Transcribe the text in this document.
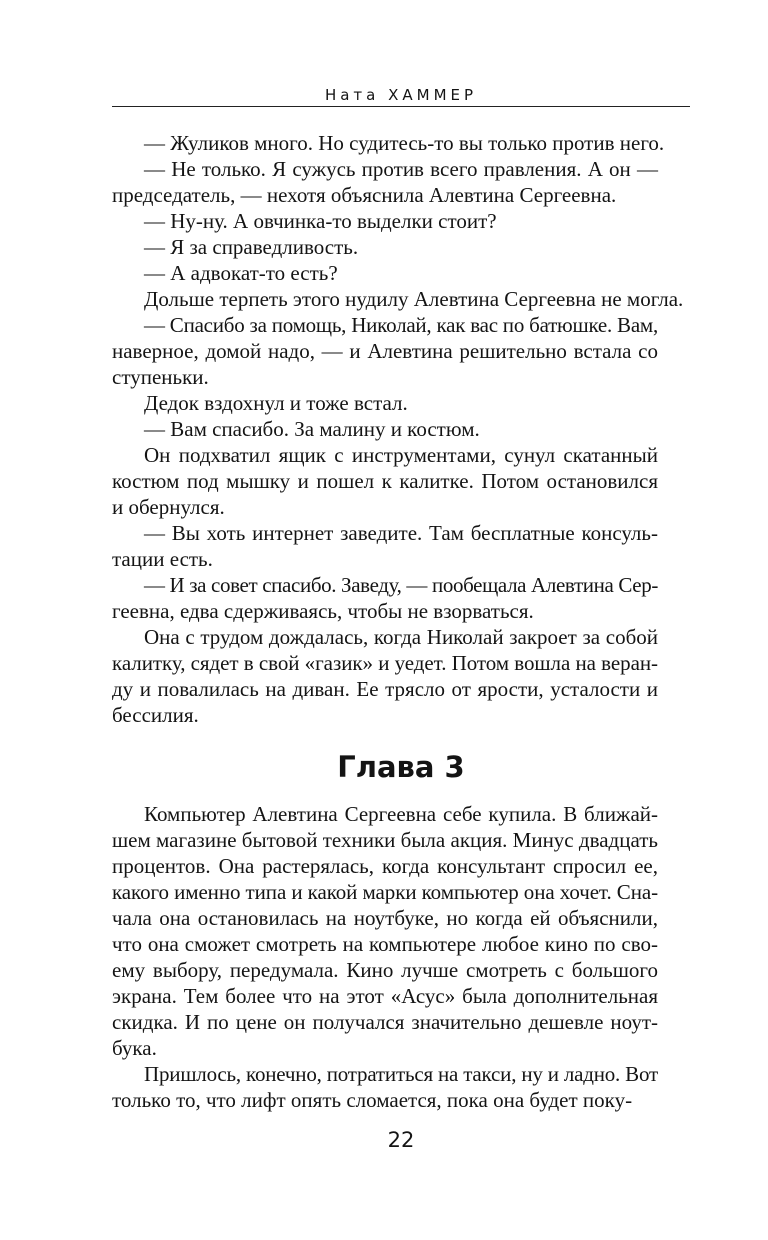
Ната ХАММЕР

— Жуликов много. Но судитесь-то вы только против него.

— Не только. Я сужусь против всего правления. А он —
председатель, — нехотя объяснила Алевтина Сергеевна.

— Ну-ну. А овчинка-то выделки стоит?

— Я за справедливость.

— А адвокат-то есть?

Дольше терпеть этого нудилу Алевтина Сергеевна не могла.

— Спасибо за помощь, Николай, как вас по батюшке. Вам,
наверное, домой надо, — и Алевтина решительно встала со
ступеньки.

Дедок вздохнул и тоже встал.

— Вам спасибо. За малину и костюм.

Он подхватил ящик с инструментами, сунул скатанный
костюм под мышку и пошел к калитке. Потом остановился
и обернулся.

— Вы хоть интернет заведите. Там бесплатные консуль-
тации есть.

— И за совет спасибо. Заведу, — пообещала Алевтина Сер-
геевна, едва сдерживаясь, чтобы не взорваться.

Она с трудом дождалась, когда Николай закроет за собой
калитку, сядет в свой «газик» и уедет. Потом вошла на веран-
ду и повалилась на диван. Ее трясло от ярости, усталости и
бессилия.

Глава 3

Компьютер Алевтина Сергеевна себе купила. В ближай-
шем магазине бытовой техники была акция. Минус двадцать
процентов. Она растерялась, когда консультант спросил ее,
какого именно типа и какой марки компьютер она хочет. Сна-
чала она остановилась на ноутбуке, но когда ей объяснили,
что она сможет смотреть на компьютере любое кино по сво-
ему выбору, передумала. Кино лучше смотреть с большого
экрана. Тем более что на этот «Асус» была дополнительная
скидка. И по цене он получался значительно дешевле ноут-
бука.

Пришлось, конечно, потратиться на такси, ну и ладно. Вот
только то, что лифт опять сломается, пока она будет поку-

22
